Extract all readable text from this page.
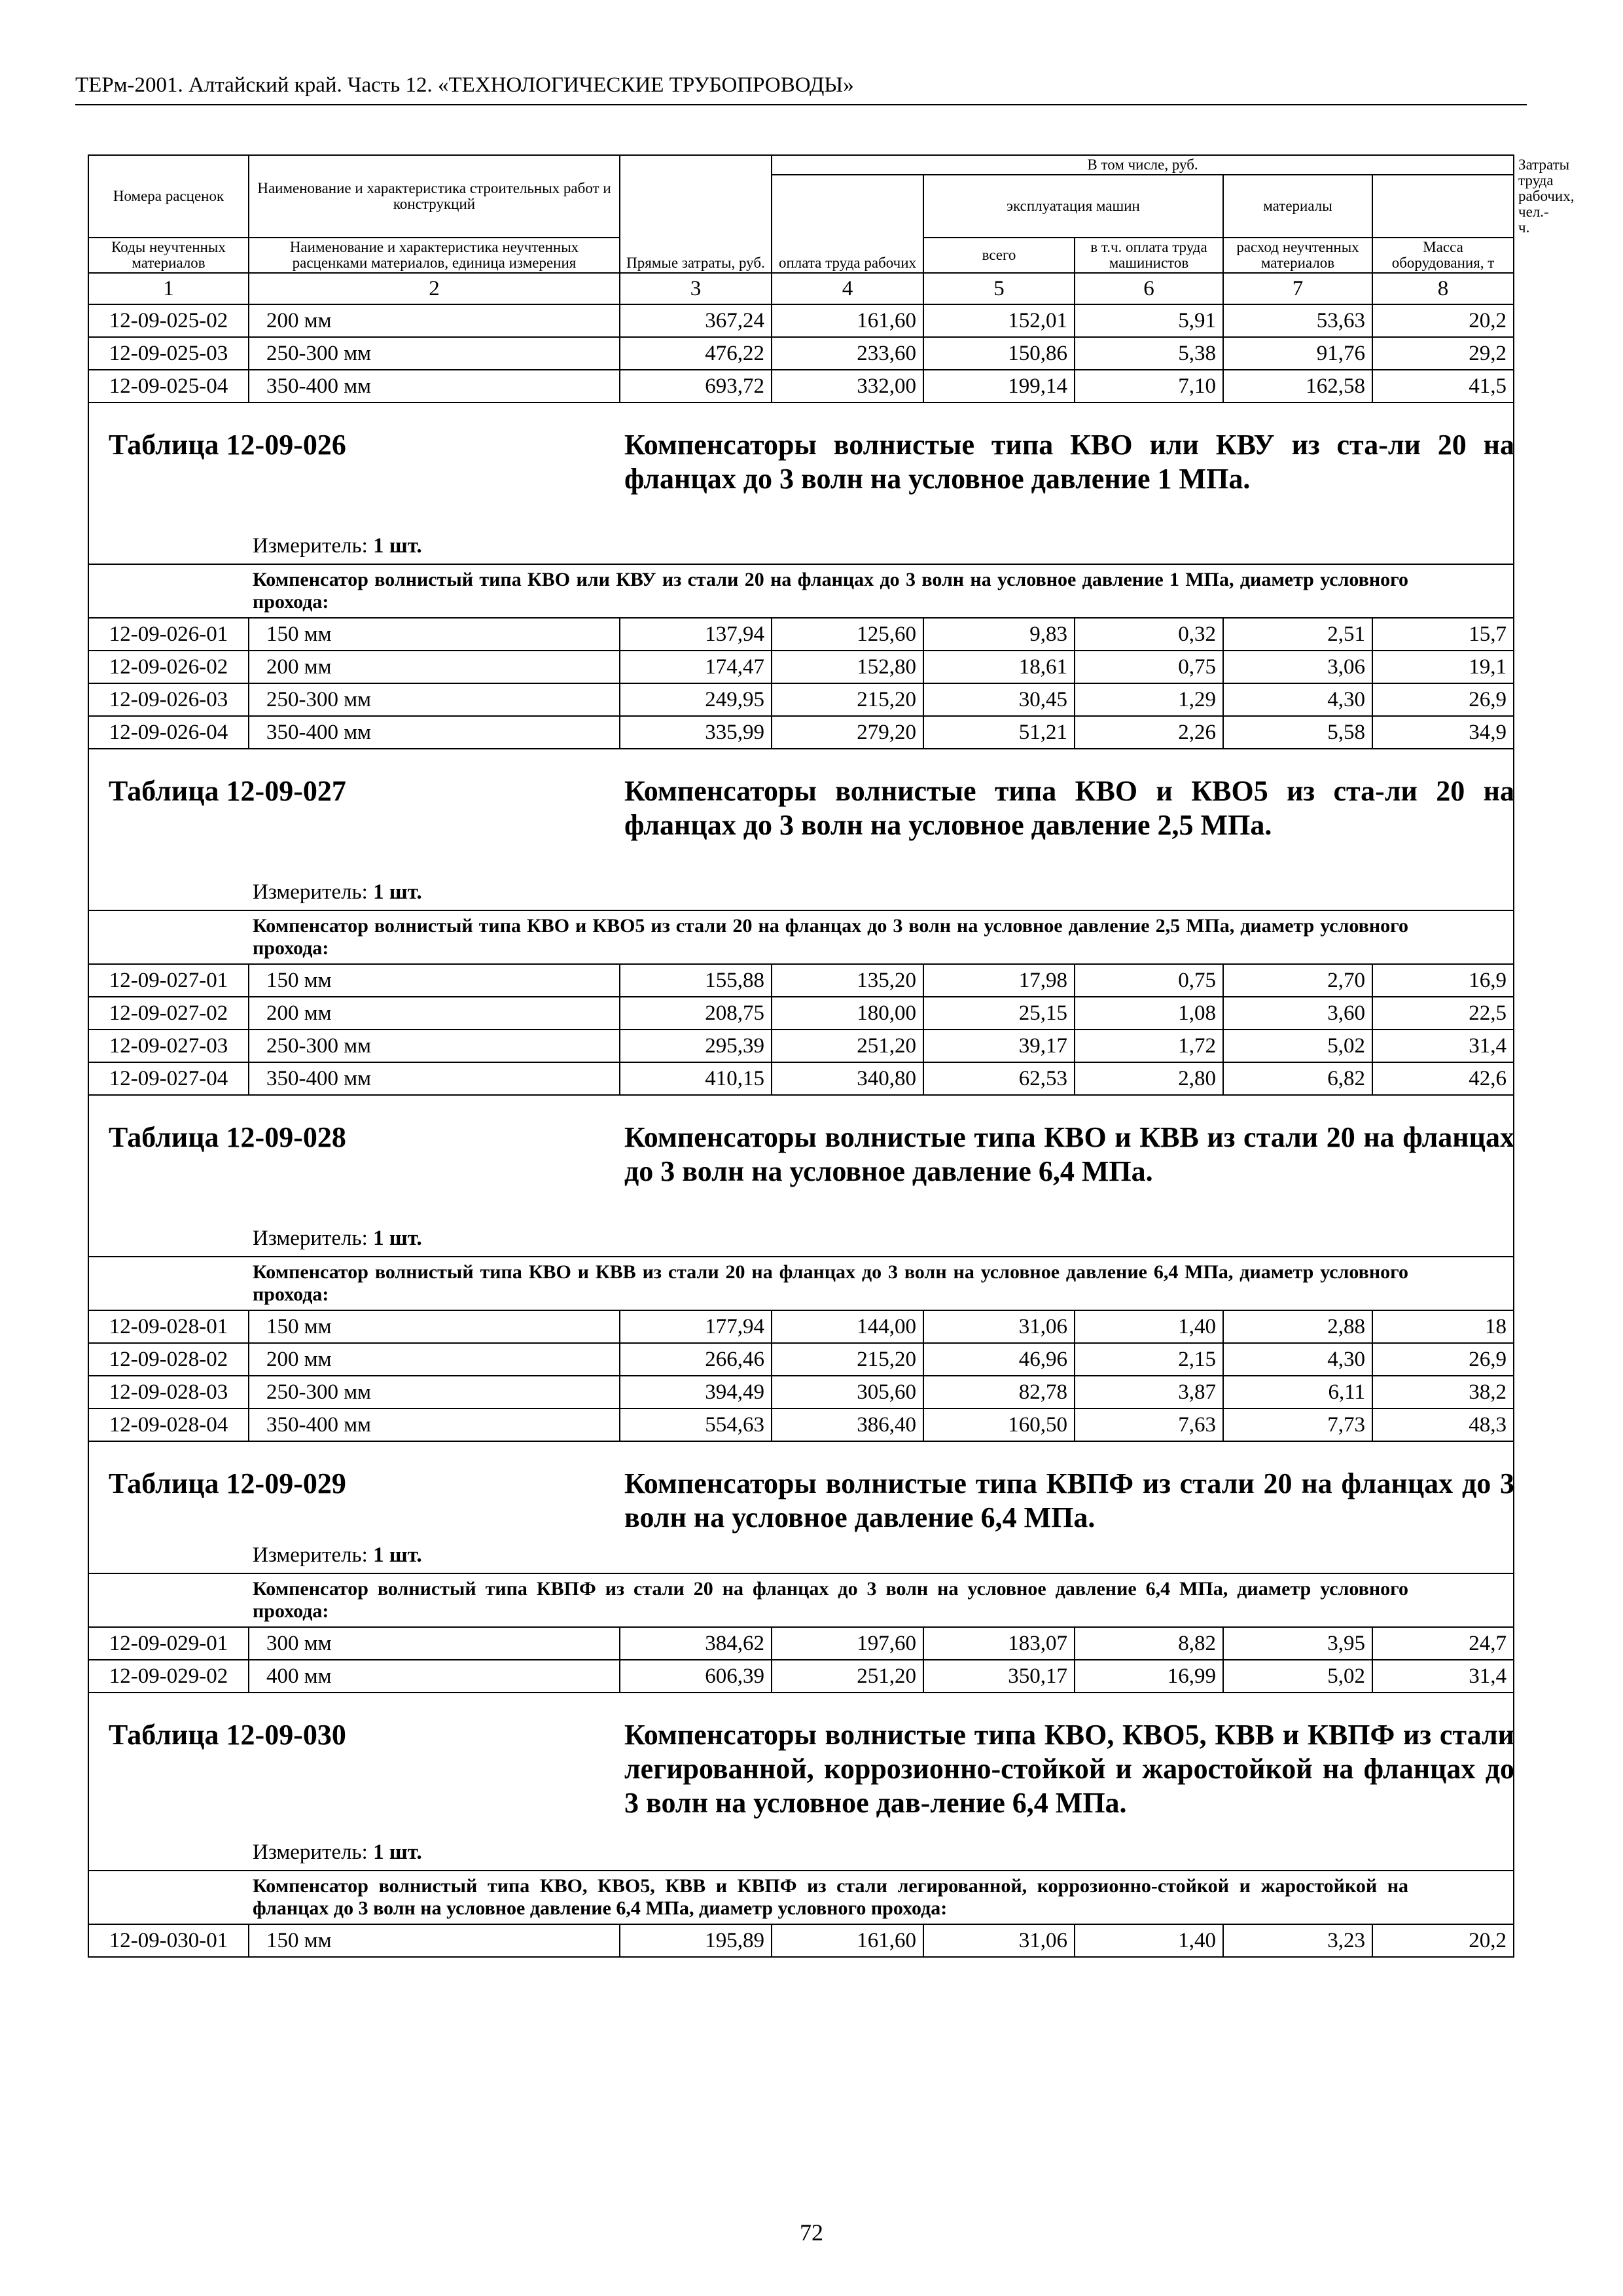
ТЕРм-2001. Алтайский край. Часть 12. «ТЕХНОЛОГИЧЕСКИЕ ТРУБОПРОВОДЫ»
Номера расценок	Наименование и характеристика строительных работ и конструкций	Прямые затраты, руб.	В том числе, руб.					Затраты труда рабочих, чел.-ч.
			оплата труда рабочих	эксплуатация машин		материалы		
Коды неучтенных материалов	Наименование и характеристика неучтенных расценками материалов, единица измерения			всего	в т.ч. оплата труда машинистов	расход неучтенных материалов	Масса оборудования, т
1	2	3	4	5	6	7	8	
12-09-025-02	200 мм	367,24	161,60	152,01	5,91	53,63	20,2	
12-09-025-03	250-300 мм	476,22	233,60	150,86	5,38	91,76	29,2	
12-09-025-04	350-400 мм	693,72	332,00	199,14	7,10	162,58	41,5	

Таблица 12-09-026 Компенсаторы волнистые типа КВО или КВУ из ста-ли 20 на фланцах до 3 волн на условное давление 1 МПа.
Измеритель: 1 шт.								

Компенсатор волнистый типа КВО или КВУ из стали 20 на фланцах до 3 волн на условное давление 1 МПа, диаметр условного прохода:								
12-09-026-01	150 мм	137,94	125,60	9,83	0,32	2,51	15,7	
12-09-026-02	200 мм	174,47	152,80	18,61	0,75	3,06	19,1	
12-09-026-03	250-300 мм	249,95	215,20	30,45	1,29	4,30	26,9	
12-09-026-04	350-400 мм	335,99	279,20	51,21	2,26	5,58	34,9	

Таблица 12-09-027 Компенсаторы волнистые типа КВО и КВО5 из ста-ли 20 на фланцах до 3 волн на условное давление 2,5 МПа.
Измеритель: 1 шт.								

Компенсатор волнистый типа КВО и КВО5 из стали 20 на фланцах до 3 волн на условное давление 2,5 МПа, диаметр условного прохода:								
12-09-027-01	150 мм	155,88	135,20	17,98	0,75	2,70	16,9	
12-09-027-02	200 мм	208,75	180,00	25,15	1,08	3,60	22,5	
12-09-027-03	250-300 мм	295,39	251,20	39,17	1,72	5,02	31,4	
12-09-027-04	350-400 мм	410,15	340,80	62,53	2,80	6,82	42,6	

Таблица 12-09-028 Компенсаторы волнистые типа КВО и КВВ из стали 20 на фланцах до 3 волн на условное давление 6,4 МПа.
Измеритель: 1 шт.								

Компенсатор волнистый типа КВО и КВВ из стали 20 на фланцах до 3 волн на условное давление 6,4 МПа, диаметр условного прохода:								
12-09-028-01	150 мм	177,94	144,00	31,06	1,40	2,88	18	
12-09-028-02	200 мм	266,46	215,20	46,96	2,15	4,30	26,9	
12-09-028-03	250-300 мм	394,49	305,60	82,78	3,87	6,11	38,2	
12-09-028-04	350-400 мм	554,63	386,40	160,50	7,63	7,73	48,3	

Таблица 12-09-029 Компенсаторы волнистые типа КВПФ из стали 20 на фланцах до 3 волн на условное давление 6,4 МПа.
Измеритель: 1 шт.								

Компенсатор волнистый типа КВПФ из стали 20 на фланцах до 3 волн на условное давление 6,4 МПа, диаметр условного прохода:								
12-09-029-01	300 мм	384,62	197,60	183,07	8,82	3,95	24,7	
12-09-029-02	400 мм	606,39	251,20	350,17	16,99	5,02	31,4	

Таблица 12-09-030 Компенсаторы волнистые типа КВО, КВО5, КВВ и КВПФ из стали легированной, коррозионно-стойкой и жаростойкой на фланцах до 3 волн на условное дав-ление 6,4 МПа.
Измеритель: 1 шт.								

Компенсатор волнистый типа КВО, КВО5, КВВ и КВПФ из стали легированной, коррозионно-стойкой и жаростойкой на фланцах до 3 волн на условное давление 6,4 МПа, диаметр условного прохода:								
12-09-030-01	150 мм	195,89	161,60	31,06	1,40	3,23	20,2	
72
